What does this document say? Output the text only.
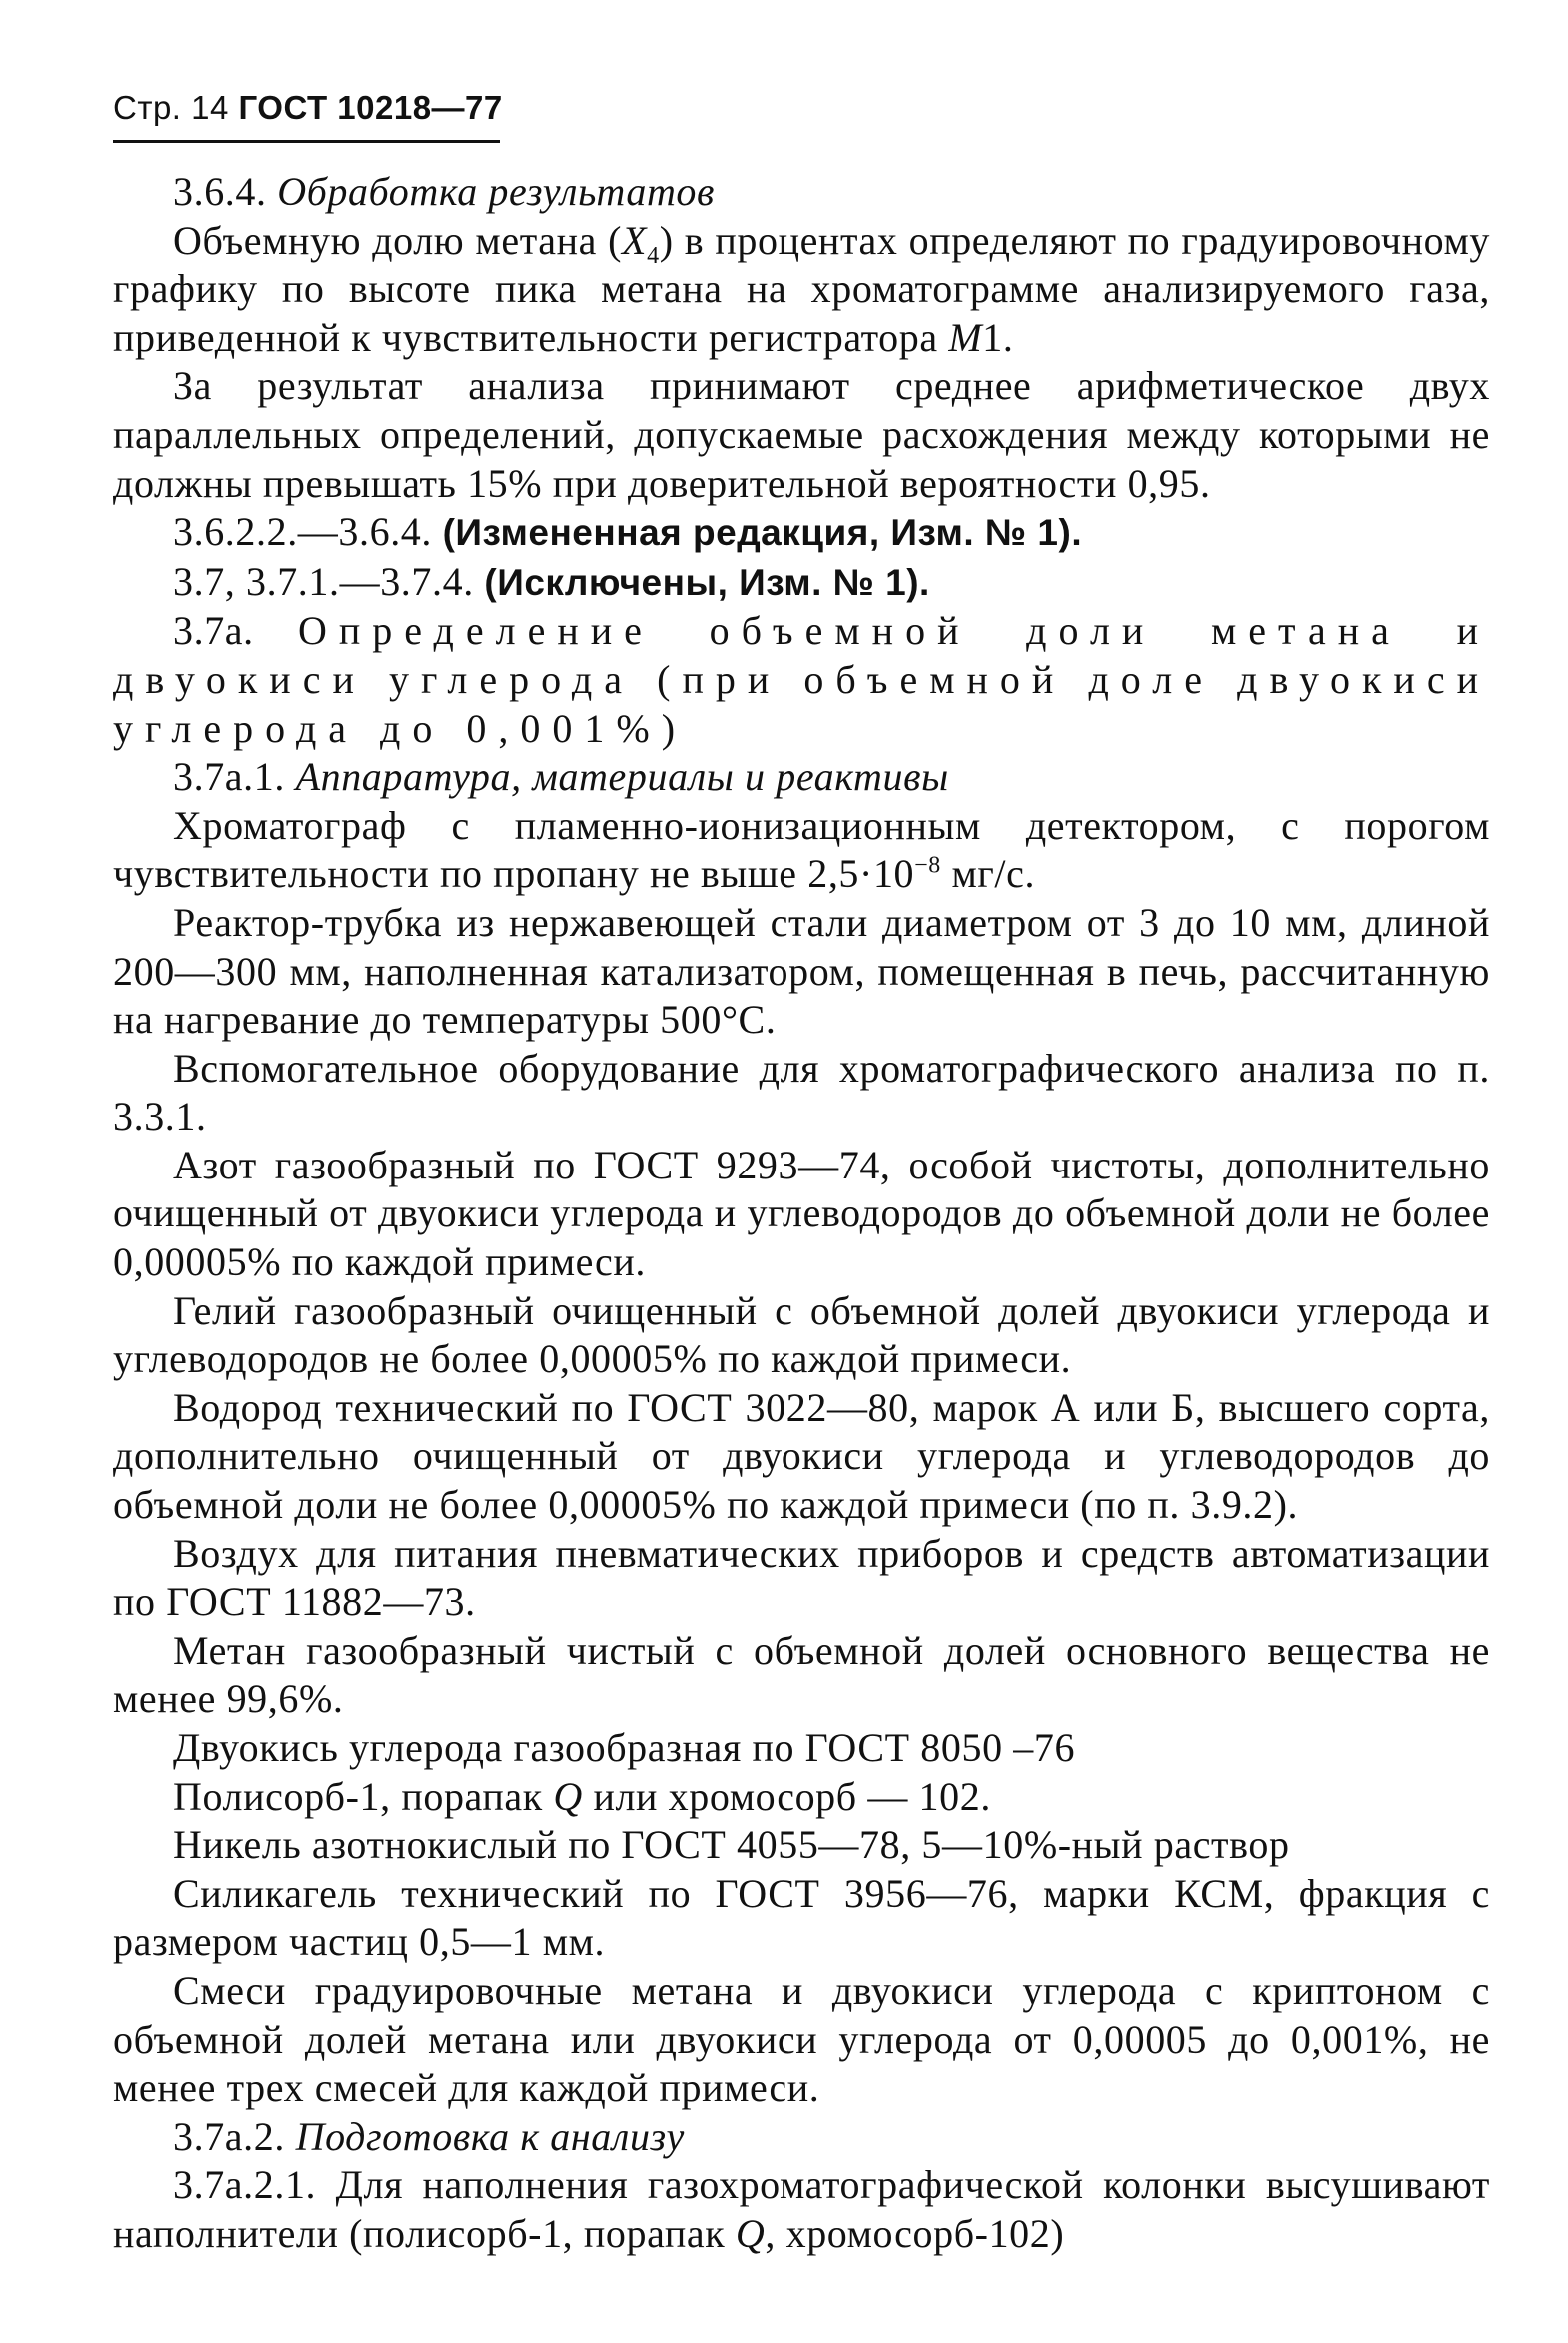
Стр. 14 ГОСТ 10218—77

3.6.4. Обработка результатов

Объемную долю метана $(X_4)$ в процентах определяют по градуировочному графику по высоте пика метана на хроматограмме анализируемого газа, приведенной к чувствительности регистратора M1.

За результат анализа принимают среднее арифметическое двух параллельных определений, допускаемые расхождения между которыми не должны превышать 15% при доверительной вероятности 0,95.

3.6.2.2.—3.6.4. (Измененная редакция, Изм. № 1).

3.7, 3.7.1.—3.7.4. (Исключены, Изм. № 1).

3.7а. Определение объемной доли метана и двуокиси углерода (при объемной доле двуокиси углерода до 0,001%)

3.7а.1. Аппаратура, материалы и реактивы

Хроматограф с пламенно-ионизационным детектором, с порогом чувствительности по пропану не выше $2,5\cdot 10^{-8}$ мг/с.

Реактор-трубка из нержавеющей стали диаметром от 3 до 10 мм, длиной 200—300 мм, наполненная катализатором, помещенная в печь, рассчитанную на нагревание до температуры 500°С.

Вспомогательное оборудование для хроматографического анализа по п. 3.3.1.

Азот газообразный по ГОСТ 9293—74, особой чистоты, дополнительно очищенный от двуокиси углерода и углеводородов до объемной доли не более 0,00005% по каждой примеси.

Гелий газообразный очищенный с объемной долей двуокиси углерода и углеводородов не более 0,00005% по каждой примеси.

Водород технический по ГОСТ 3022—80, марок А или Б, высшего сорта, дополнительно очищенный от двуокиси углерода и углеводородов до объемной доли не более 0,00005% по каждой примеси (по п. 3.9.2).

Воздух для питания пневматических приборов и средств автоматизации по ГОСТ 11882—73.

Метан газообразный чистый с объемной долей основного вещества не менее 99,6%.

Двуокись углерода газообразная по ГОСТ 8050 –76

Полисорб-1, порапак Q или хромосорб — 102.

Никель азотнокислый по ГОСТ 4055—78, 5—10%-ный раствор

Силикагель технический по ГОСТ 3956—76, марки КСМ, фракция с размером частиц 0,5—1 мм.

Смеси градуировочные метана и двуокиси углерода с криптоном с объемной долей метана или двуокиси углерода от 0,00005 до 0,001%, не менее трех смесей для каждой примеси.

3.7а.2. Подготовка к анализу

3.7а.2.1. Для наполнения газохроматографической колонки высушивают наполнители (полисорб-1, порапак Q, хромосорб-102)
